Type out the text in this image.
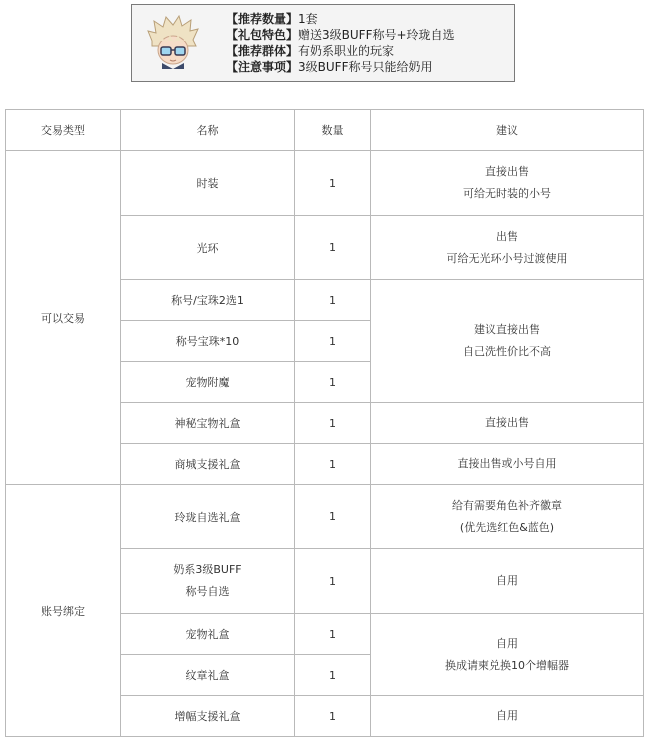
【推荐数量】1套
【礼包特色】赠送3级BUFF称号+玲珑自选
【推荐群体】有奶系职业的玩家
【注意事项】3级BUFF称号只能给奶用
交易类型	名称	数量	建议
可以交易	时装	1	直接出售
可给无时装的小号

	光环	1	出售
可给无光环小号过渡使用

	称号/宝珠2选1	1	建议直接出售
自己洗性价比不高

	称号宝珠*10	1	

	宠物附魔	1	

	神秘宝物礼盒	1	直接出售

	商城支援礼盒	1	直接出售或小号自用

账号绑定	玲珑自选礼盒	1	给有需要角色补齐徽章
(优先选红色&蓝色)

	奶系3级BUFF
称号自选	1	自用

	宠物礼盒	1	自用
换成请柬兑换10个增幅器

	纹章礼盒	1	

	增幅支援礼盒	1	自用
